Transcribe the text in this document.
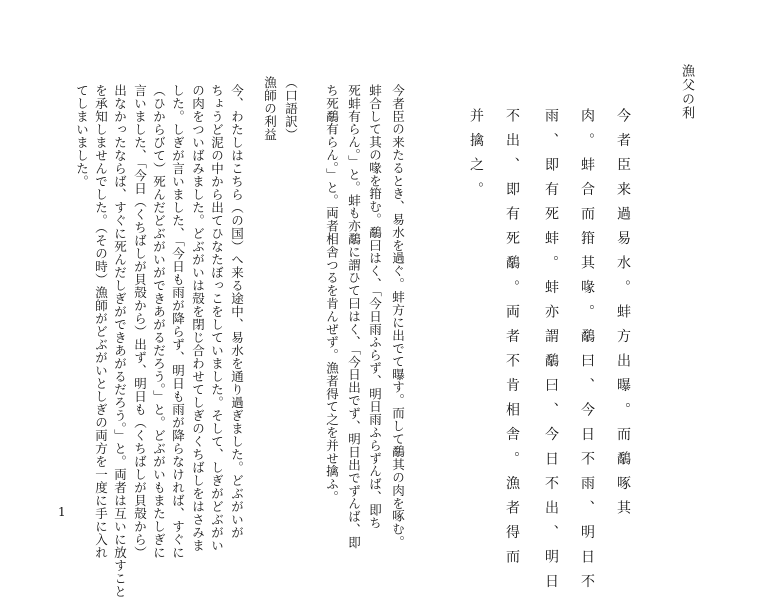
漁父の利
今者臣来過易水。蚌方出曝。而鷸啄其
肉。蚌合而箝其喙。鷸曰、今日不雨、明日不
雨、即有死蚌。蚌亦謂鷸曰、今日不出、明日
不出、即有死鷸。両者不肯相舎。漁者得而
并擒之。
今者臣の来たるとき、易水を過ぐ。蚌方に出でて曝す。而して鷸其の肉を啄む。
蚌合して其の喙を箝む。鷸曰はく、「今日雨ふらず、明日雨ふらずんば、即ち
死蚌有らん。」と。蚌も亦鷸に謂ひて曰はく、「今日出でず、明日出でずんば、即
ち死鷸有らん。」と。両者相舎つるを肯んぜず。漁者得て之を并せ擒ふ。
（口語訳）
漁師の利益
今、わたしはこちら（の国）へ来る途中、易水を通り過ぎました。どぶがいが
ちょうど泥の中から出てひなたぼっこをしていました。そして、しぎがどぶがい
の肉をついばみました。どぶがいは殻を閉じ合わせてしぎのくちばしをはさみま
した。しぎが言いました、「今日も雨が降らず、明日も雨が降らなければ、すぐに
（ひからびて）死んだどぶがいができあがるだろう。」と。どぶがいもまたしぎに
言いました、「今日（くちばしが貝殻から）出ず、明日も（くちばしが貝殻から）
出なかったならば、すぐに死んだしぎができあがるだろう。」と。両者は互いに放すこと
を承知しませんでした。（その時）漁師がどぶがいとしぎの両方を一度に手に入れ
てしまいました。
1
